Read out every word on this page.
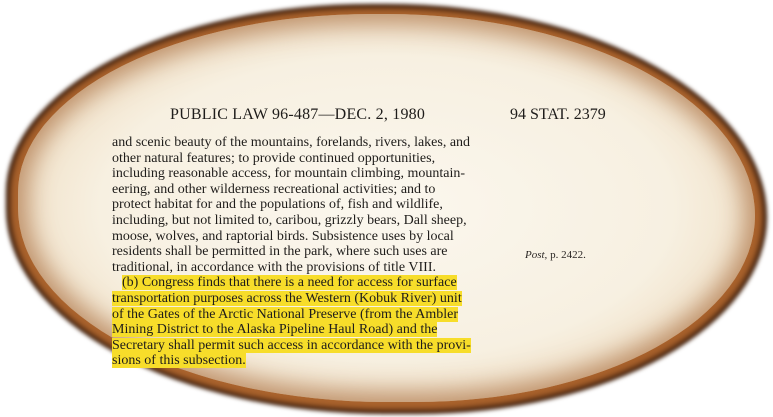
PUBLIC LAW 96-487—DEC. 2, 1980	94 STAT. 2379
and scenic beauty of the mountains, forelands, rivers, lakes, and
other natural features; to provide continued opportunities,
including reasonable access, for mountain climbing, mountain-
eering, and other wilderness recreational activities; and to
protect habitat for and the populations of, fish and wildlife,
including, but not limited to, caribou, grizzly bears, Dall sheep,
moose, wolves, and raptorial birds. Subsistence uses by local
residents shall be permitted in the park, where such uses are
traditional, in accordance with the provisions of title VIII.
(b) Congress finds that there is a need for access for surface
transportation purposes across the Western (Kobuk River) unit
of the Gates of the Arctic National Preserve (from the Ambler
Mining District to the Alaska Pipeline Haul Road) and the
Secretary shall permit such access in accordance with the provi-
sions of this subsection.
Post, p. 2422.
